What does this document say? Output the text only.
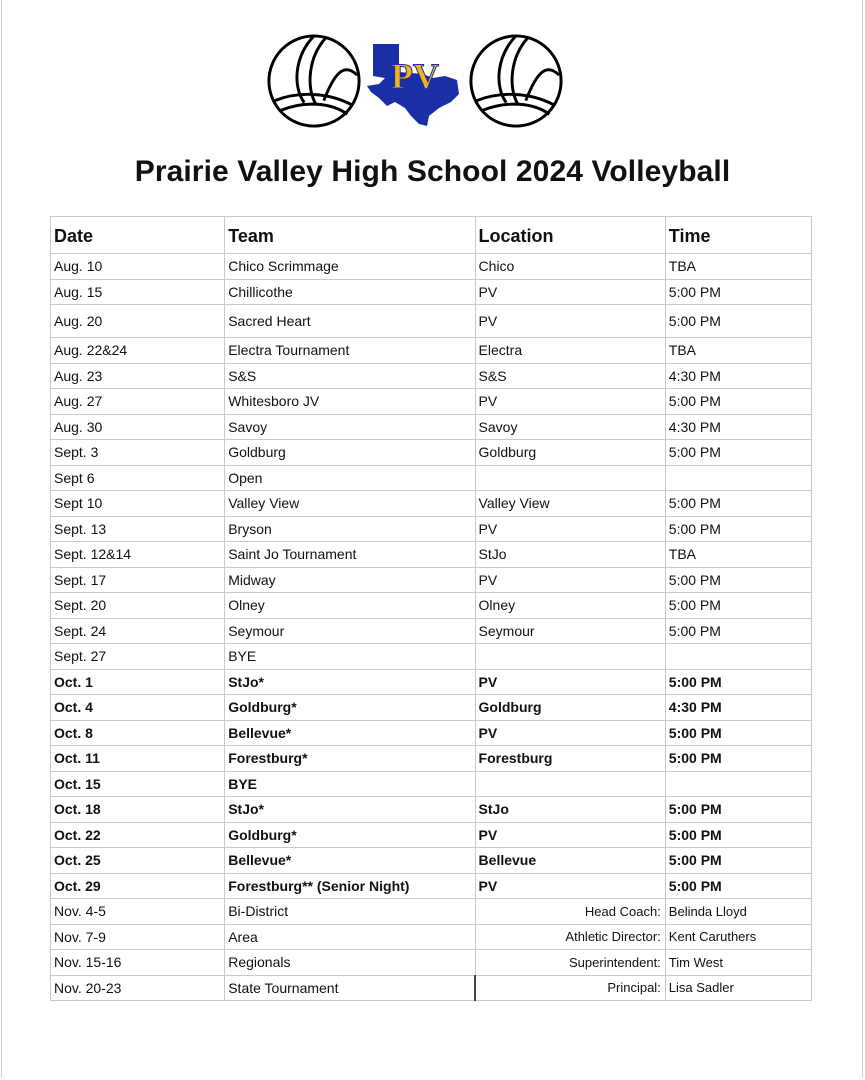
PV
Prairie Valley High School 2024 Volleyball
Date	Team	Location	Time
Aug. 10	Chico Scrimmage	Chico	TBA
Aug. 15	Chillicothe	PV	5:00 PM
Aug. 20	Sacred Heart	PV	5:00 PM
Aug. 22&24	Electra Tournament	Electra	TBA
Aug. 23	S&S	S&S	4:30 PM
Aug. 27	Whitesboro JV	PV	5:00 PM
Aug. 30	Savoy	Savoy	4:30 PM
Sept. 3	Goldburg	Goldburg	5:00 PM
Sept 6	Open		
Sept 10	Valley View	Valley View	5:00 PM
Sept. 13	Bryson	PV	5:00 PM
Sept. 12&14	Saint Jo Tournament	StJo	TBA
Sept. 17	Midway	PV	5:00 PM
Sept. 20	Olney	Olney	5:00 PM
Sept. 24	Seymour	Seymour	5:00 PM
Sept. 27	BYE		
Oct. 1	StJo*	PV	5:00 PM
Oct. 4	Goldburg*	Goldburg	4:30 PM
Oct. 8	Bellevue*	PV	5:00 PM
Oct. 11	Forestburg*	Forestburg	5:00 PM
Oct. 15	BYE		
Oct. 18	StJo*	StJo	5:00 PM
Oct. 22	Goldburg*	PV	5:00 PM
Oct. 25	Bellevue*	Bellevue	5:00 PM
Oct. 29	Forestburg** (Senior Night)	PV	5:00 PM
Nov. 4-5	Bi-District	Head Coach:	Belinda Lloyd
Nov. 7-9	Area	Athletic Director:	Kent Caruthers
Nov. 15-16	Regionals	Superintendent:	Tim West
Nov. 20-23	State Tournament	Principal:	Lisa Sadler
